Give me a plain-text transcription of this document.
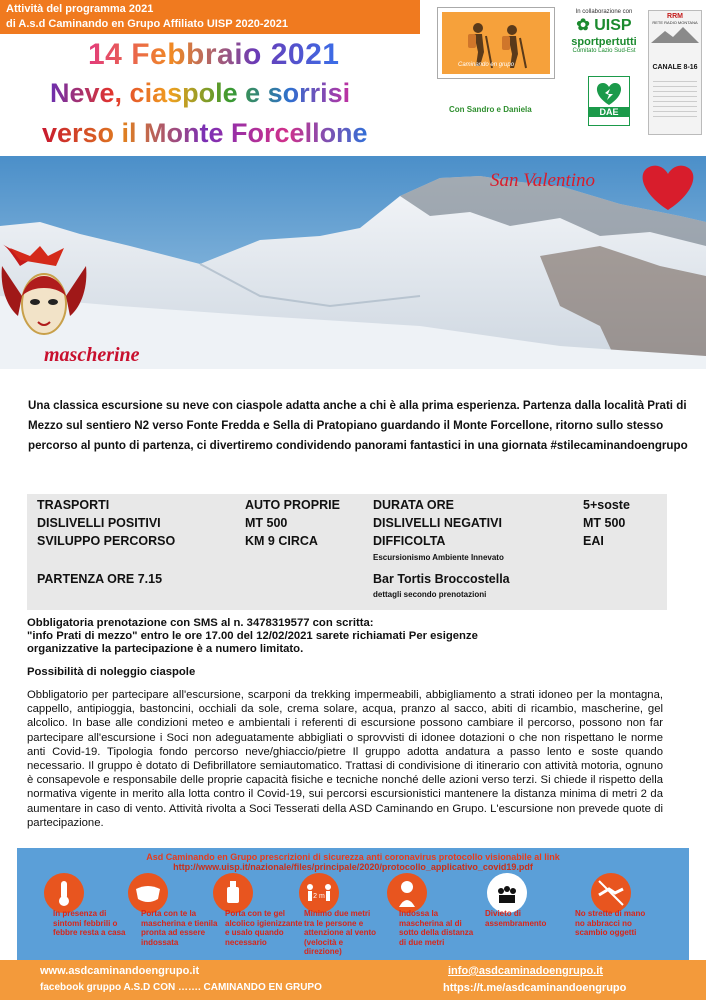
Attività del programma 2021
di A.s.d Caminando en Grupo Affiliato UISP 2020-2021
14 Febbraio 2021
Neve, ciaspole e sorrisi
verso il Monte Forcellone
Caminando en grupo
In collaborazione con
✿ UISP
sportpertutti
Comitato Lazio Sud-Est
RRM
RETE RADIO MONTANA
CANALE 8-16
Con Sandro e Daniela	DAE
San Valentino
mascherine
Una classica escursione su neve con ciaspole adatta anche a chi è alla prima esperienza. Partenza dalla località Prati di Mezzo sul sentiero N2 verso Fonte Fredda e Sella di Pratopiano guardando il Monte Forcellone, ritorno sullo stesso percorso al punto di partenza, ci divertiremo condividendo panorami fantastici in una giornata #stilecaminandoengrupo
TRASPORTI	AUTO PROPRIE	DURATA ORE	5+soste
DISLIVELLI POSITIVI	MT 500	DISLIVELLI NEGATIVI	MT 500
SVILUPPO PERCORSO	KM 9 CIRCA	DIFFICOLTA	EAI
Escursionismo Ambiente Innevato
PARTENZA ORE 7.15	Bar Tortis Broccostella
dettagli secondo prenotazioni
Obbligatoria prenotazione con SMS al n. 3478319577 con scritta:
"info Prati di mezzo" entro le ore 17.00 del 12/02/2021 sarete richiamati Per esigenze
organizzative la partecipazione è a numero limitato.
Possibilità di noleggio ciaspole
Obbligatorio per partecipare all'escursione, scarponi da trekking impermeabili, abbigliamento a strati idoneo per la montagna, cappello, antipioggia, bastoncini, occhiali da sole, crema solare, acqua, pranzo al sacco, abiti di ricambio, mascherine, gel alcolico. In base alle condizioni meteo e ambientali i referenti di escursione possono cambiare il percorso, possono non far partecipare all'escursione i Soci non adeguatamente abbigliati o sprovvisti di idonee dotazioni o che non rispettano le norme anti Covid-19. Tipologia fondo percorso neve/ghiaccio/pietre Il gruppo adotta andatura a passo lento e soste quando necessario. Il gruppo è dotato di Defibrillatore semiautomatico. Trattasi di condivisione di itinerario con attività motoria, ognuno è consapevole e responsabile delle proprie capacità fisiche e tecniche nonché delle azioni verso terzi. Si chiede il rispetto della normativa vigente in merito alla lotta contro il Covid-19, sui percorsi escursionistici mantenere la distanza minima di metri 2 da aumentare in caso di vento. Attività rivolta a Soci Tesserati della ASD Caminando en Grupo. L'escursione non prevede quote di partecipazione.
Asd Caminando en Grupo prescrizioni di sicurezza anti coronavirus protocollo visionabile al link
http://www.uisp.it/nazionale/files/principale/2020/protocollo_applicativo_covid19.pdf
2 m
In presenza di sintomi febbrili o febbre resta a casa
Porta con te la mascherina e tienila pronta ad essere indossata
Porta con te gel alcolico igienizzante e usalo quando necessario
Minimo due metri tra le persone e attenzione al vento (velocità e direzione)
Indossa la mascherina al di sotto della distanza di due metri
Divieto di assembramento
No strette di mano no abbracci no scambio oggetti
www.asdcaminandoengrupo.it	info@asdcaminadoengrupo.it
facebook gruppo A.S.D CON ……. CAMINANDO EN GRUPO	https://t.me/asdcaminandoengrupo
